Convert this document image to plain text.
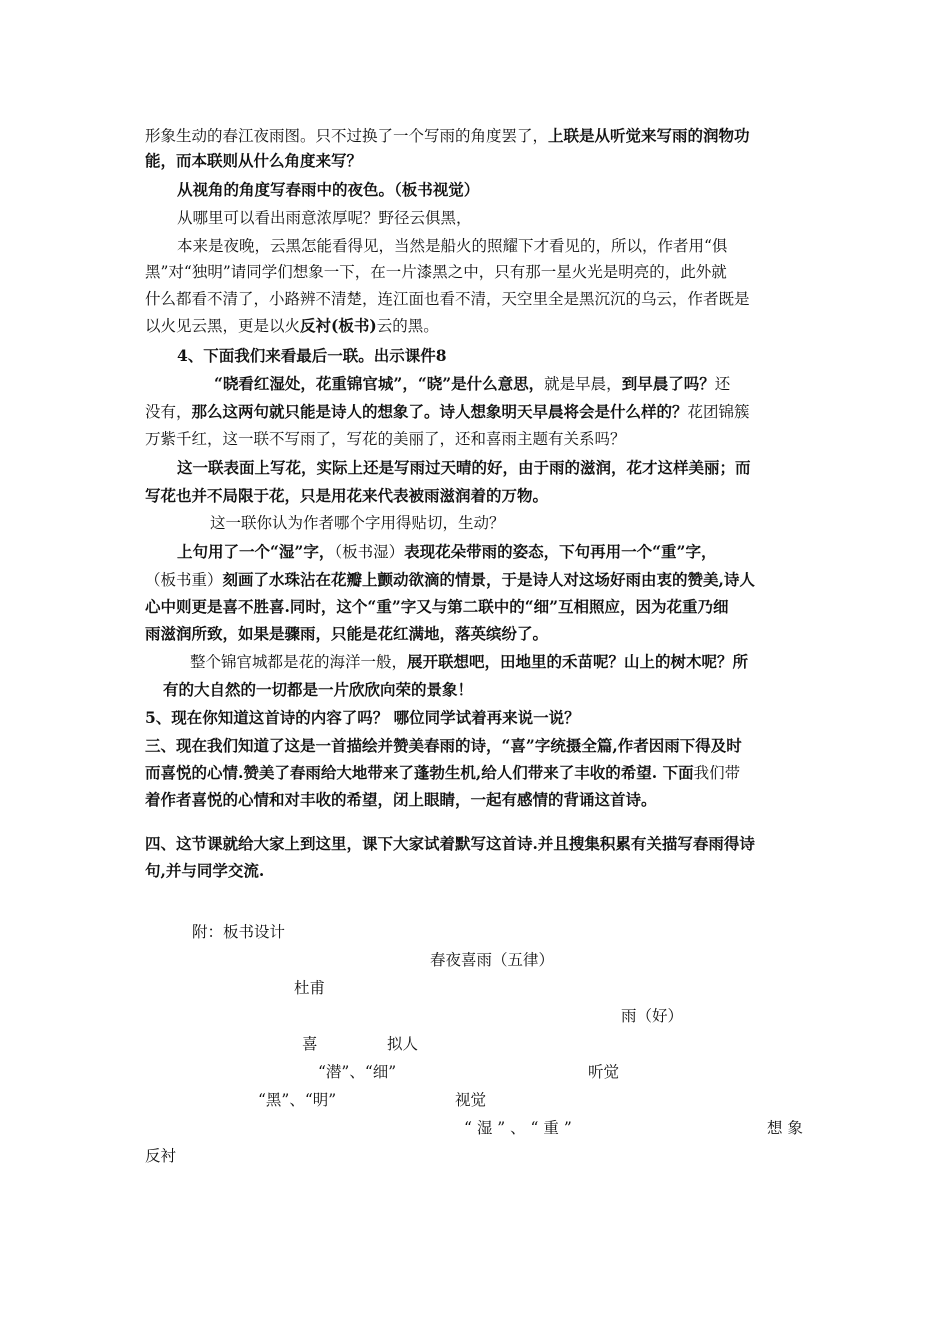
形象生动的春江夜雨图。只不过换了一个写雨的角度罢了，上联是从听觉来写雨的润物功
能，而本联则从什么角度来写？
从视角的角度写春雨中的夜色。（板书视觉）
从哪里可以看出雨意浓厚呢？野径云俱黑，
本来是夜晚，云黑怎能看得见，当然是船火的照耀下才看见的，所以，作者用“俱
黑”对“独明”请同学们想象一下，在一片漆黑之中，只有那一星火光是明亮的，此外就
什么都看不清了，小路辨不清楚，连江面也看不清，天空里全是黑沉沉的乌云，作者既是
以火见云黑，更是以火反衬(板书)云的黑。
4、下面我们来看最后一联。出示课件8
“晓看红湿处，花重锦官城”，“晓”是什么意思，就是早晨，到早晨了吗？还
没有，那么这两句就只能是诗人的想象了。诗人想象明天早晨将会是什么样的？花团锦簇
万紫千红，这一联不写雨了，写花的美丽了，还和喜雨主题有关系吗？
这一联表面上写花，实际上还是写雨过天晴的好，由于雨的滋润，花才这样美丽；而
写花也并不局限于花，只是用花来代表被雨滋润着的万物。
这一联你认为作者哪个字用得贴切，生动？
上句用了一个“湿”字，（板书湿）表现花朵带雨的姿态，下句再用一个“重”字，
（板书重）刻画了水珠沾在花瓣上颤动欲滴的情景，于是诗人对这场好雨由衷的赞美,诗人
心中则更是喜不胜喜.同时，这个“重”字又与第二联中的“细”互相照应，因为花重乃细
雨滋润所致，如果是骤雨，只能是花红满地，落英缤纷了。
整个锦官城都是花的海洋一般，展开联想吧，田地里的禾苗呢？山上的树木呢？所
有的大自然的一切都是一片欣欣向荣的景象！
5、现在你知道这首诗的内容了吗？ 哪位同学试着再来说一说？
三、现在我们知道了这是一首描绘并赞美春雨的诗，“喜”字统摄全篇,作者因雨下得及时
而喜悦的心情.赞美了春雨给大地带来了蓬勃生机,给人们带来了丰收的希望. 下面我们带
着作者喜悦的心情和对丰收的希望，闭上眼睛，一起有感情的背诵这首诗。
四、这节课就给大家上到这里，课下大家试着默写这首诗.并且搜集积累有关描写春雨得诗
句,并与同学交流.
附：板书设计
春夜喜雨（五律）
杜甫
雨（好）
喜	拟人
“潜”、“细”	听觉
“黑”、“明”	视觉
“ 湿 ” 、 “ 重 ”	想 象
反衬
